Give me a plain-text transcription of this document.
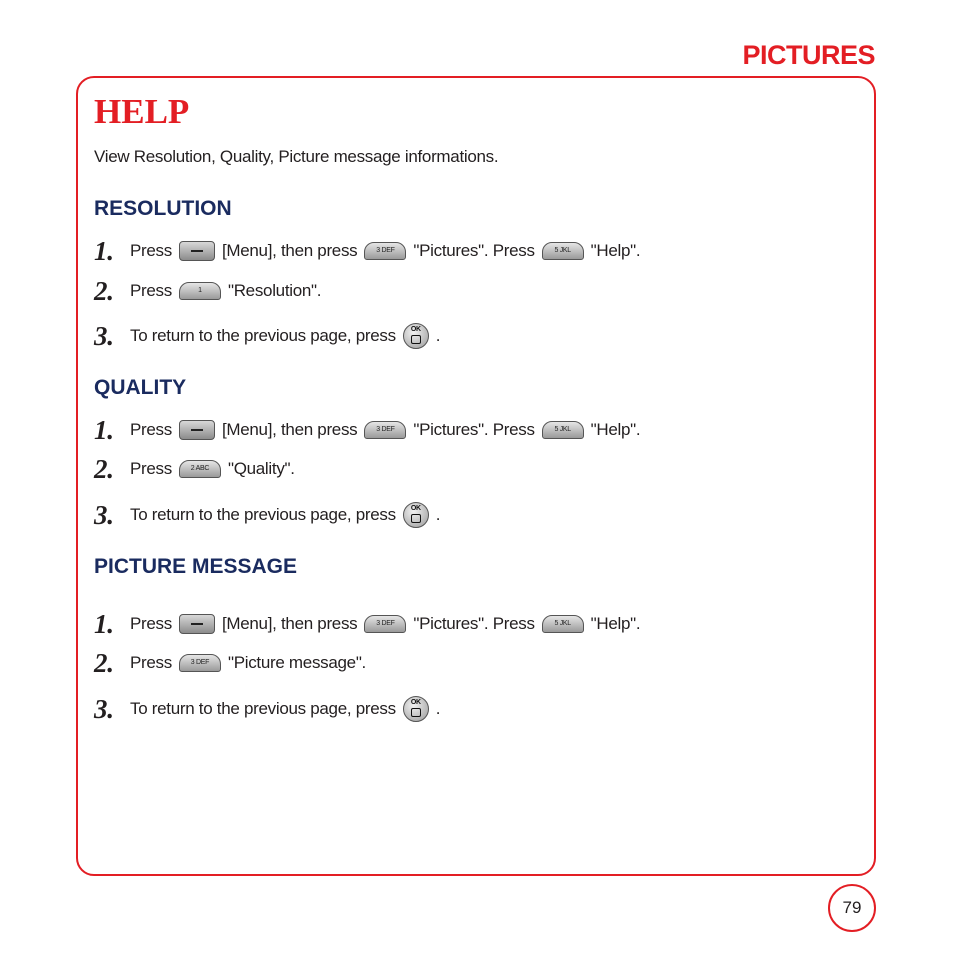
PICTURES
HELP
View Resolution, Quality, Picture message informations.
RESOLUTION
1. Press	[Menu], then press	3 DEF	"Pictures". Press	5 JKL	"Help".
2. Press	1	"Resolution".
3. To return to the previous page, press	OK .
QUALITY
1. Press	[Menu], then press	3 DEF	"Pictures". Press	5 JKL	"Help".
2. Press	2 ABC	"Quality".
3. To return to the previous page, press	OK .
PICTURE MESSAGE
1. Press	[Menu], then press	3 DEF	"Pictures". Press	5 JKL	"Help".
2. Press	3 DEF	"Picture message".
3. To return to the previous page, press	OK .
79
